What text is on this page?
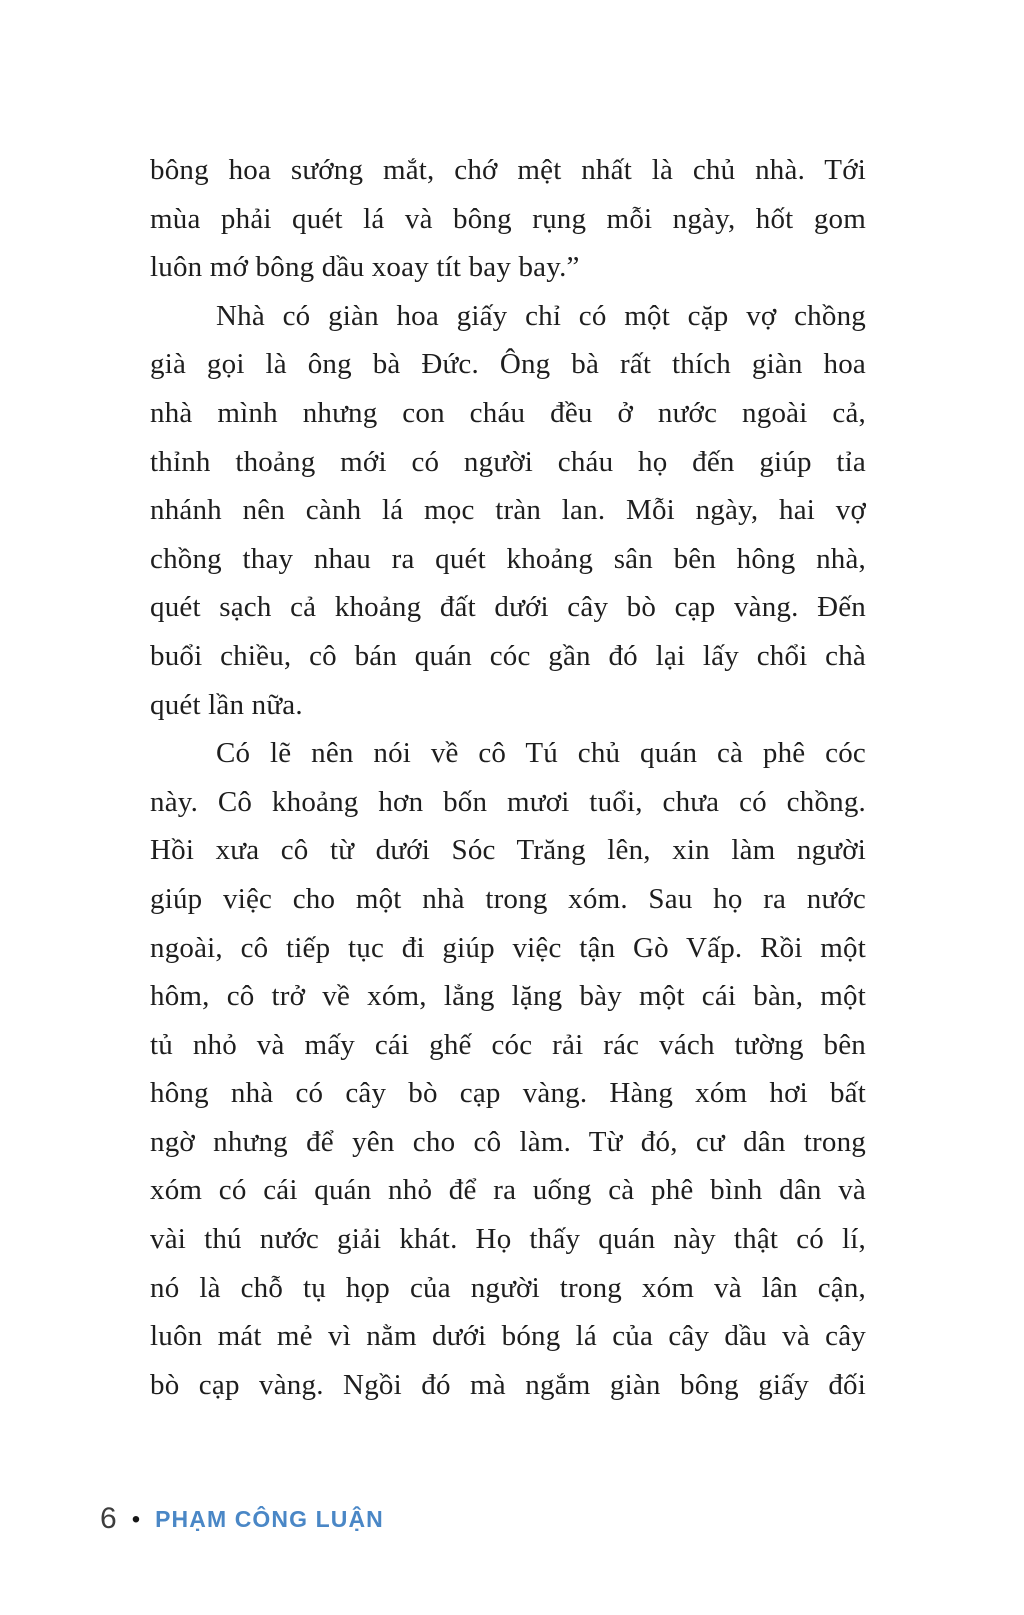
bông hoa sướng mắt, chớ mệt nhất là chủ nhà. Tới
mùa phải quét lá và bông rụng mỗi ngày, hốt gom
luôn mớ bông dầu xoay tít bay bay.”
Nhà có giàn hoa giấy chỉ có một cặp vợ chồng
già gọi là ông bà Đức. Ông bà rất thích giàn hoa
nhà mình nhưng con cháu đều ở nước ngoài cả,
thỉnh thoảng mới có người cháu họ đến giúp tỉa
nhánh nên cành lá mọc tràn lan. Mỗi ngày, hai vợ
chồng thay nhau ra quét khoảng sân bên hông nhà,
quét sạch cả khoảng đất dưới cây bò cạp vàng. Đến
buổi chiều, cô bán quán cóc gần đó lại lấy chổi chà
quét lần nữa.
Có lẽ nên nói về cô Tú chủ quán cà phê cóc
này. Cô khoảng hơn bốn mươi tuổi, chưa có chồng.
Hồi xưa cô từ dưới Sóc Trăng lên, xin làm người
giúp việc cho một nhà trong xóm. Sau họ ra nước
ngoài, cô tiếp tục đi giúp việc tận Gò Vấp. Rồi một
hôm, cô trở về xóm, lẳng lặng bày một cái bàn, một
tủ nhỏ và mấy cái ghế cóc rải rác vách tường bên
hông nhà có cây bò cạp vàng. Hàng xóm hơi bất
ngờ nhưng để yên cho cô làm. Từ đó, cư dân trong
xóm có cái quán nhỏ để ra uống cà phê bình dân và
vài thú nước giải khát. Họ thấy quán này thật có lí,
nó là chỗ tụ họp của người trong xóm và lân cận,
luôn mát mẻ vì nằm dưới bóng lá của cây dầu và cây
bò cạp vàng. Ngồi đó mà ngắm giàn bông giấy đối
6 • PHẠM CÔNG LUẬN
